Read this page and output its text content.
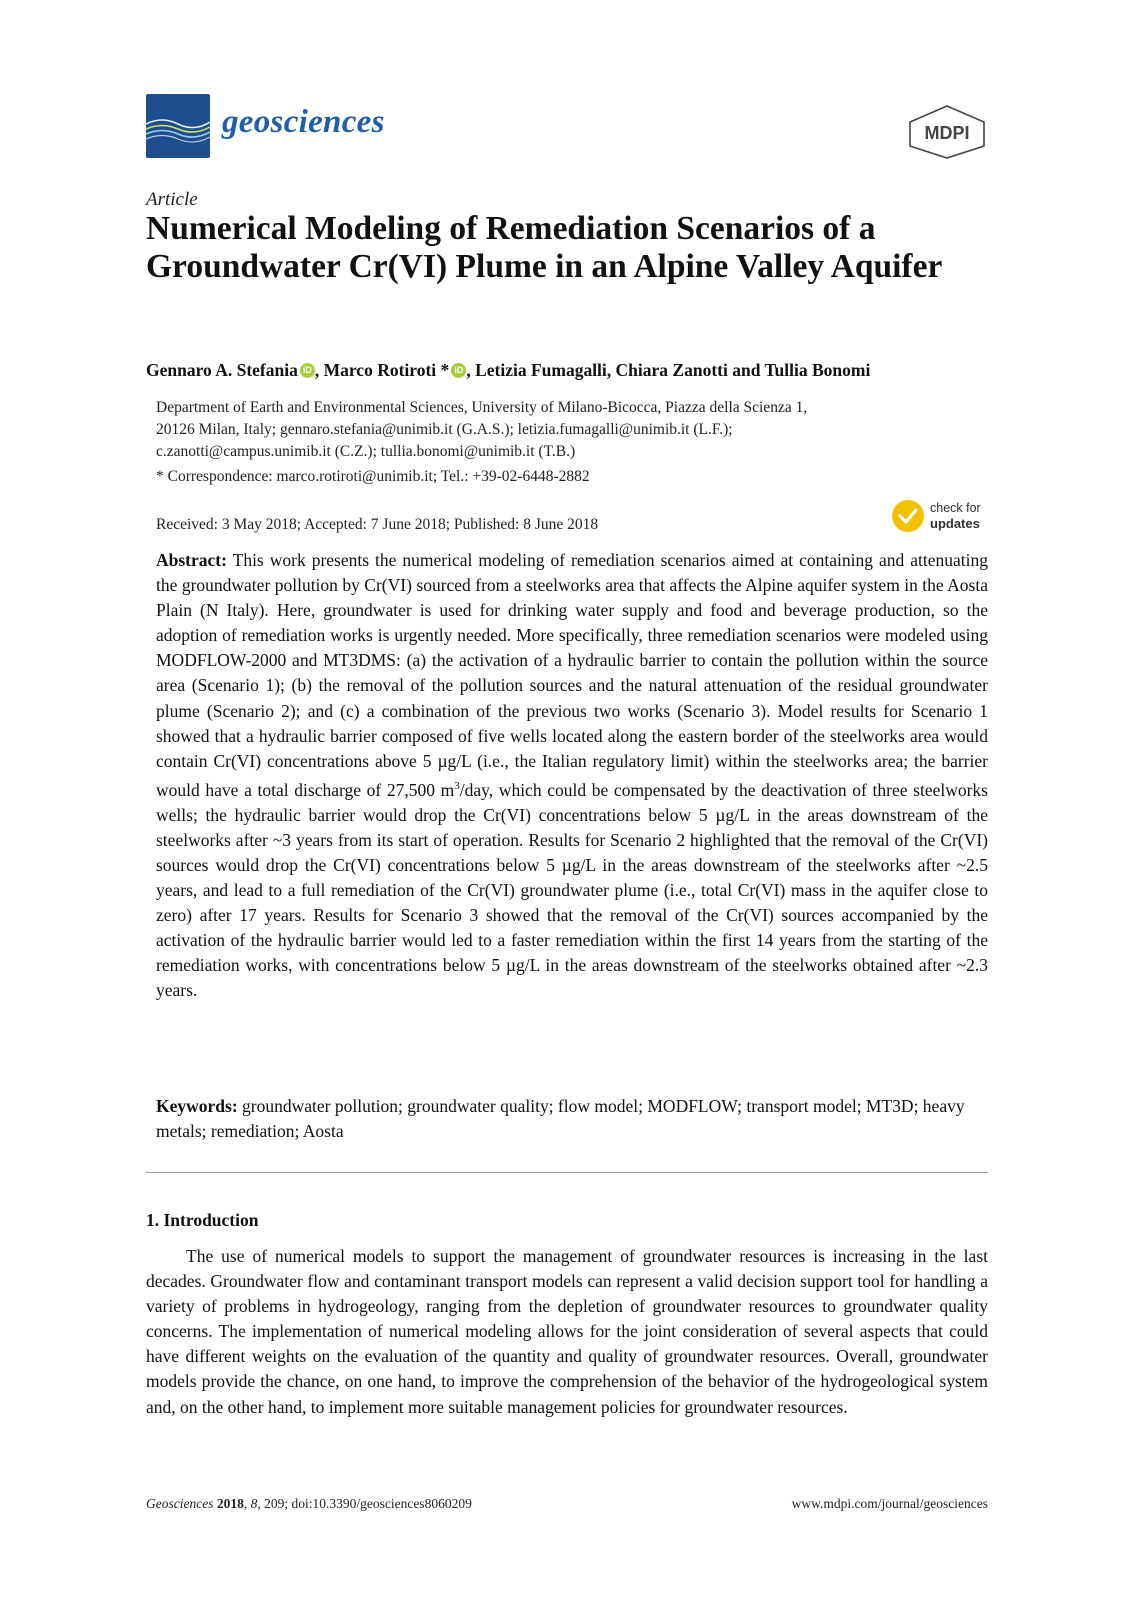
geosciences	MDPI
Article
Numerical Modeling of Remediation Scenarios of a Groundwater Cr(VI) Plume in an Alpine Valley Aquifer
Gennaro A. Stefania iD , Marco Rotiroti * iD , Letizia Fumagalli, Chiara Zanotti and Tullia Bonomi

Department of Earth and Environmental Sciences, University of Milano-Bicocca, Piazza della Scienza 1,

20126 Milan, Italy; gennaro.stefania@unimib.it (G.A.S.); letizia.fumagalli@unimib.it (L.F.);

c.zanotti@campus.unimib.it (C.Z.); tullia.bonomi@unimib.it (T.B.)

* Correspondence: marco.rotiroti@unimib.it; Tel.: +39-02-6448-2882
Received: 3 May 2018; Accepted: 7 June 2018; Published: 8 June 2018
check for
updates

Abstract: This work presents the numerical modeling of remediation scenarios aimed at containing and attenuating the groundwater pollution by Cr(VI) sourced from a steelworks area that affects the Alpine aquifer system in the Aosta Plain (N Italy). Here, groundwater is used for drinking water supply and food and beverage production, so the adoption of remediation works is urgently needed. More specifically, three remediation scenarios were modeled using MODFLOW-2000 and MT3DMS: (a) the activation of a hydraulic barrier to contain the pollution within the source area (Scenario 1); (b) the removal of the pollution sources and the natural attenuation of the residual groundwater plume (Scenario 2); and (c) a combination of the previous two works (Scenario 3). Model results for Scenario 1 showed that a hydraulic barrier composed of five wells located along the eastern border of the steelworks area would contain Cr(VI) concentrations above 5 µg/L (i.e., the Italian regulatory limit) within the steelworks area; the barrier would have a total discharge of 27,500 $m^3$/day, which could be compensated by the deactivation of three steelworks wells; the hydraulic barrier would drop the Cr(VI) concentrations below 5 µg/L in the areas downstream of the steelworks after ~3 years from its start of operation. Results for Scenario 2 highlighted that the removal of the Cr(VI) sources would drop the Cr(VI) concentrations below 5 µg/L in the areas downstream of the steelworks after ~2.5 years, and lead to a full remediation of the Cr(VI) groundwater plume (i.e., total Cr(VI) mass in the aquifer close to zero) after 17 years. Results for Scenario 3 showed that the removal of the Cr(VI) sources accompanied by the activation of the hydraulic barrier would led to a faster remediation within the first 14 years from the starting of the remediation works, with concentrations below 5 µg/L in the areas downstream of the steelworks obtained after ~2.3 years.

Keywords: groundwater pollution; groundwater quality; flow model; MODFLOW; transport model; MT3D; heavy metals; remediation; Aosta

1. Introduction

The use of numerical models to support the management of groundwater resources is increasing in the last decades. Groundwater flow and contaminant transport models can represent a valid decision support tool for handling a variety of problems in hydrogeology, ranging from the depletion of groundwater resources to groundwater quality concerns. The implementation of numerical modeling allows for the joint consideration of several aspects that could have different weights on the evaluation of the quantity and quality of groundwater resources. Overall, groundwater models provide the chance, on one hand, to improve the comprehension of the behavior of the hydrogeological system and, on the other hand, to implement more suitable management policies for groundwater resources.

Geosciences 2018, 8, 209; doi:10.3390/geosciences8060209	www.mdpi.com/journal/geosciences
